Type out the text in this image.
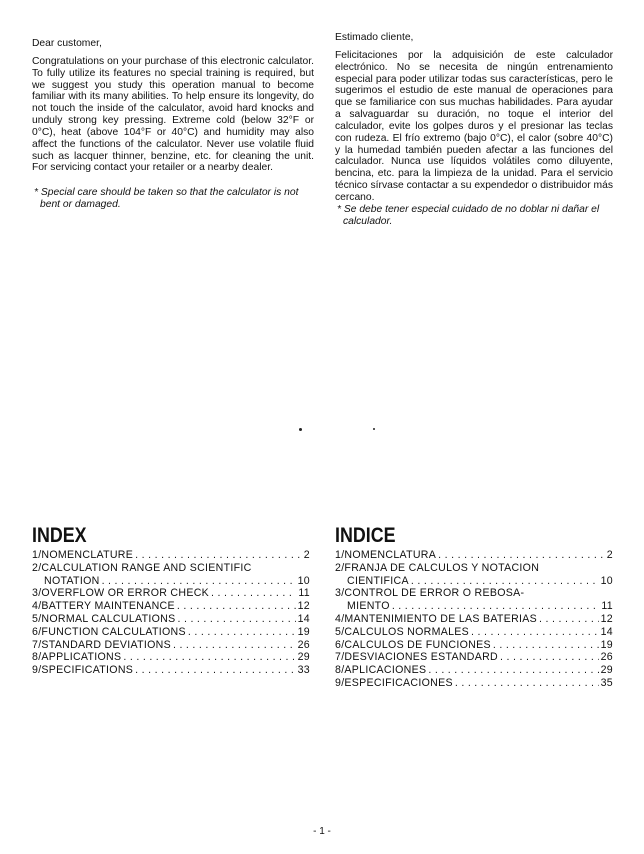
Dear customer,

Congratulations on your purchase of this electronic calculator. To fully utilize its features no special training is required, but we suggest you study this operation manual to become familiar with its many abilities. To help ensure its longevity, do not touch the inside of the calculator, avoid hard knocks and unduly strong key pressing. Extreme cold (below 32°F or 0°C), heat (above 104°F or 40°C) and humidity may also affect the functions of the calculator. Never use volatile fluid such as lacquer thinner, benzine, etc. for cleaning the unit. For servicing contact your retailer or a nearby dealer.

* Special care should be taken so that the calculator is not bent or damaged.

Estimado cliente,

Felicitaciones por la adquisición de este calculador electrónico. No se necesita de ningún entrenamiento especial para poder utilizar todas sus características, pero le sugerimos el estudio de este manual de operaciones para que se familiarice con sus muchas habilidades. Para ayudar a salvaguardar su duración, no toque el interior del calculador, evite los golpes duros y el presionar las teclas con rudeza. El frío extremo (bajo 0°C), el calor (sobre 40°C) y la humedad también pueden afectar a las funciones del calculador. Nunca use líquidos volátiles como diluyente, bencina, etc. para la limpieza de la unidad. Para el servicio técnico sírvase contactar a su expendedor o distribuidor más cercano.

* Se debe tener especial cuidado de no doblar ni dañar el calculador.

INDEX
1/NOMENCLATURE . . .	2
2/CALCULATION RANGE AND SCIENTIFIC
NOTATION . . .	10
3/OVERFLOW OR ERROR CHECK . . .	11
4/BATTERY MAINTENANCE . . .	12
5/NORMAL CALCULATIONS . . .	14
6/FUNCTION CALCULATIONS . . .	19
7/STANDARD DEVIATIONS . . .	26
8/APPLICATIONS . . .	29
9/SPECIFICATIONS . . .	33
INDICE
1/NOMENCLATURA . . .	2
2/FRANJA DE CALCULOS Y NOTACION
CIENTIFICA . . .	10
3/CONTROL DE ERROR O REBOSA-
MIENTO . . .	11
4/MANTENIMIENTO DE LAS BATERIAS . . .	12
5/CALCULOS NORMALES . . .	14
6/CALCULOS DE FUNCIONES . . .	19
7/DESVIACIONES ESTANDARD . . .	26
8/APLICACIONES . . .	29
9/ESPECIFICACIONES . . .	35
- 1 -
